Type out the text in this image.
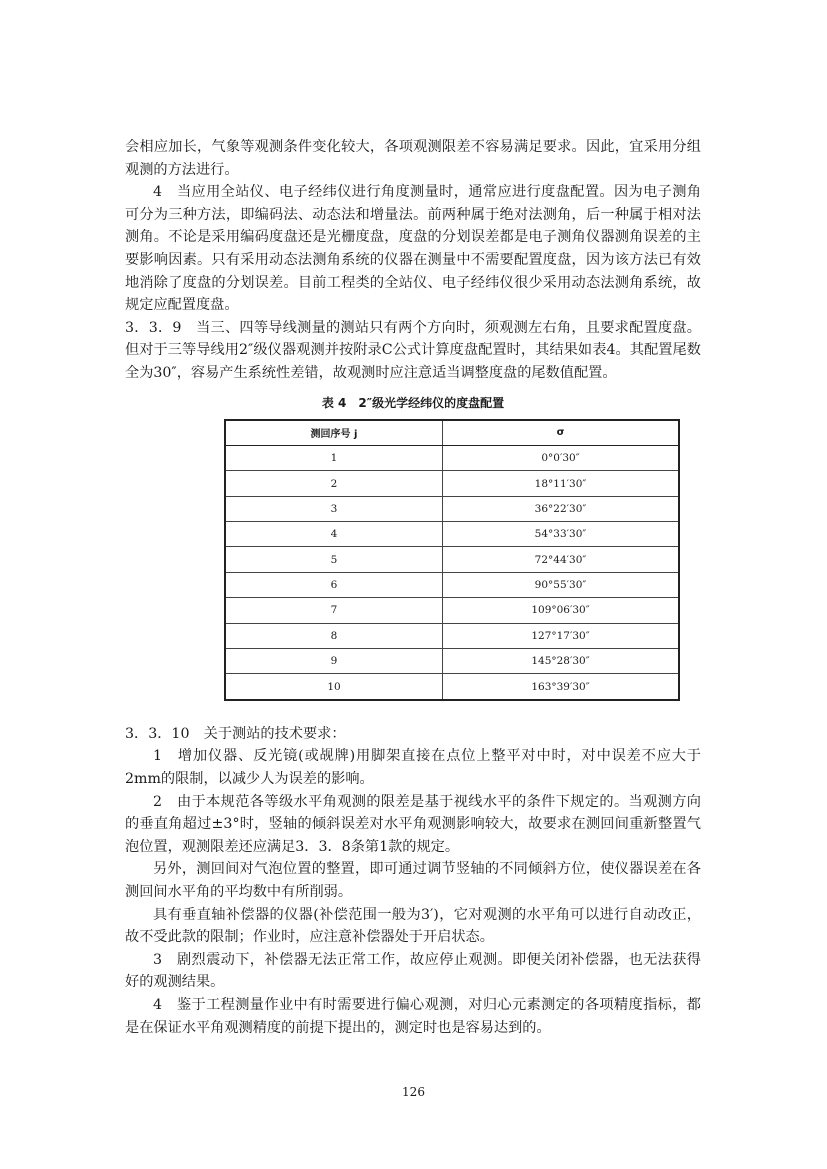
会相应加长，气象等观测条件变化较大，各项观测限差不容易满足要求。因此，宜采用分组观测的方法进行。

4　当应用全站仪、电子经纬仪进行角度测量时，通常应进行度盘配置。因为电子测角可分为三种方法，即编码法、动态法和增量法。前两种属于绝对法测角，后一种属于相对法测角。不论是采用编码度盘还是光栅度盘，度盘的分划误差都是电子测角仪器测角误差的主要影响因素。只有采用动态法测角系统的仪器在测量中不需要配置度盘，因为该方法已有效地消除了度盘的分划误差。目前工程类的全站仪、电子经纬仪很少采用动态法测角系统，故规定应配置度盘。

3．3．9　当三、四等导线测量的测站只有两个方向时，须观测左右角，且要求配置度盘。但对于三等导线用2″级仪器观测并按附录C公式计算度盘配置时，其结果如表4。其配置尾数全为30″，容易产生系统性差错，故观测时应注意适当调整度盘的尾数值配置。

表 4　2″级光学经纬仪的度盘配置
测回序号 j	σ
1	0°0′30″
2	18°11′30″
3	36°22′30″
4	54°33′30″
5	72°44′30″
6	90°55′30″
7	109°06′30″
8	127°17′30″
9	145°28′30″
10	163°39′30″

3．3．10　关于测站的技术要求：

1　增加仪器、反光镜(或觇牌)用脚架直接在点位上整平对中时，对中误差不应大于2mm的限制，以减少人为误差的影响。

2　由于本规范各等级水平角观测的限差是基于视线水平的条件下规定的。当观测方向的垂直角超过±3°时，竖轴的倾斜误差对水平角观测影响较大，故要求在测回间重新整置气泡位置，观测限差还应满足3．3．8条第1款的规定。

另外，测回间对气泡位置的整置，即可通过调节竖轴的不同倾斜方位，使仪器误差在各测回间水平角的平均数中有所削弱。

具有垂直轴补偿器的仪器(补偿范围一般为3′)，它对观测的水平角可以进行自动改正，故不受此款的限制；作业时，应注意补偿器处于开启状态。

3　剧烈震动下，补偿器无法正常工作，故应停止观测。即便关闭补偿器，也无法获得好的观测结果。

4　鉴于工程测量作业中有时需要进行偏心观测，对归心元素测定的各项精度指标，都是在保证水平角观测精度的前提下提出的，测定时也是容易达到的。

126
